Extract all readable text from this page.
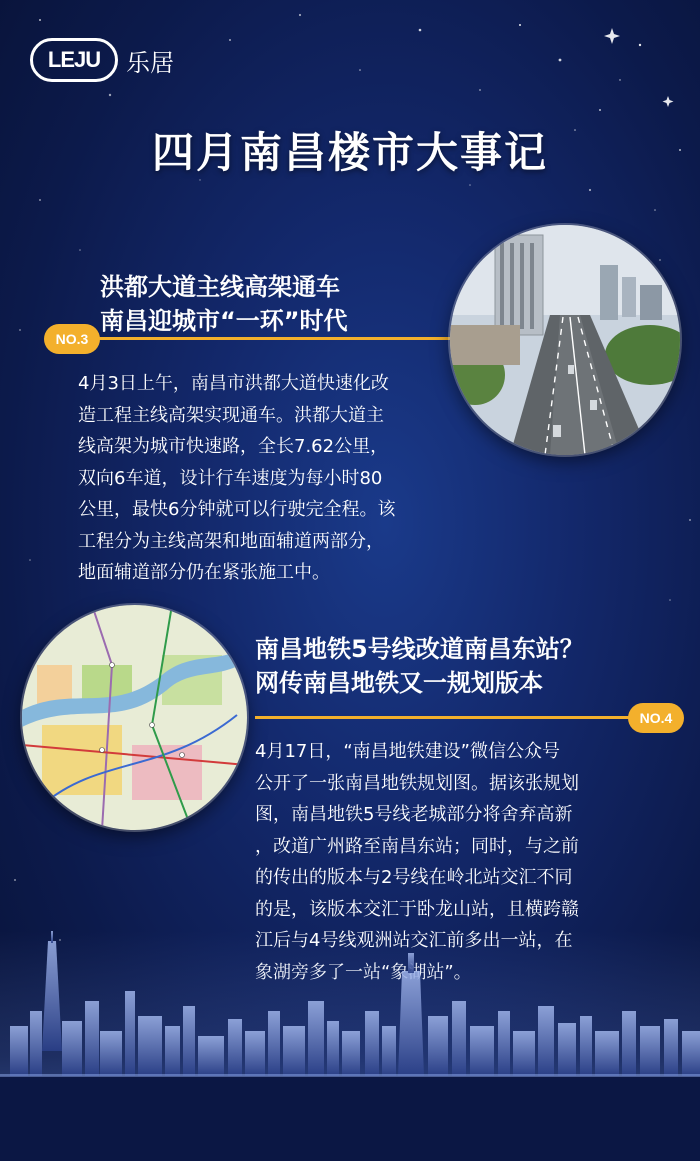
LEJU	乐居
四月南昌楼市大事记
洪都大道主线高架通车
南昌迎城市“一环”时代
NO.3
4月3日上午，南昌市洪都大道快速化改
造工程主线高架实现通车。洪都大道主
线高架为城市快速路，全长7.62公里，
双向6车道，设计行车速度为每小时80
公里，最快6分钟就可以行驶完全程。该
工程分为主线高架和地面辅道两部分，
地面辅道部分仍在紧张施工中。
南昌地铁5号线改道南昌东站？
网传南昌地铁又一规划版本
NO.4
4月17日，“南昌地铁建设”微信公众号
公开了一张南昌地铁规划图。据该张规划
图，南昌地铁5号线老城部分将舍弃高新
，改道广州路至南昌东站；同时，与之前
的传出的版本与2号线在岭北站交汇不同
的是，该版本交汇于卧龙山站，且横跨赣
